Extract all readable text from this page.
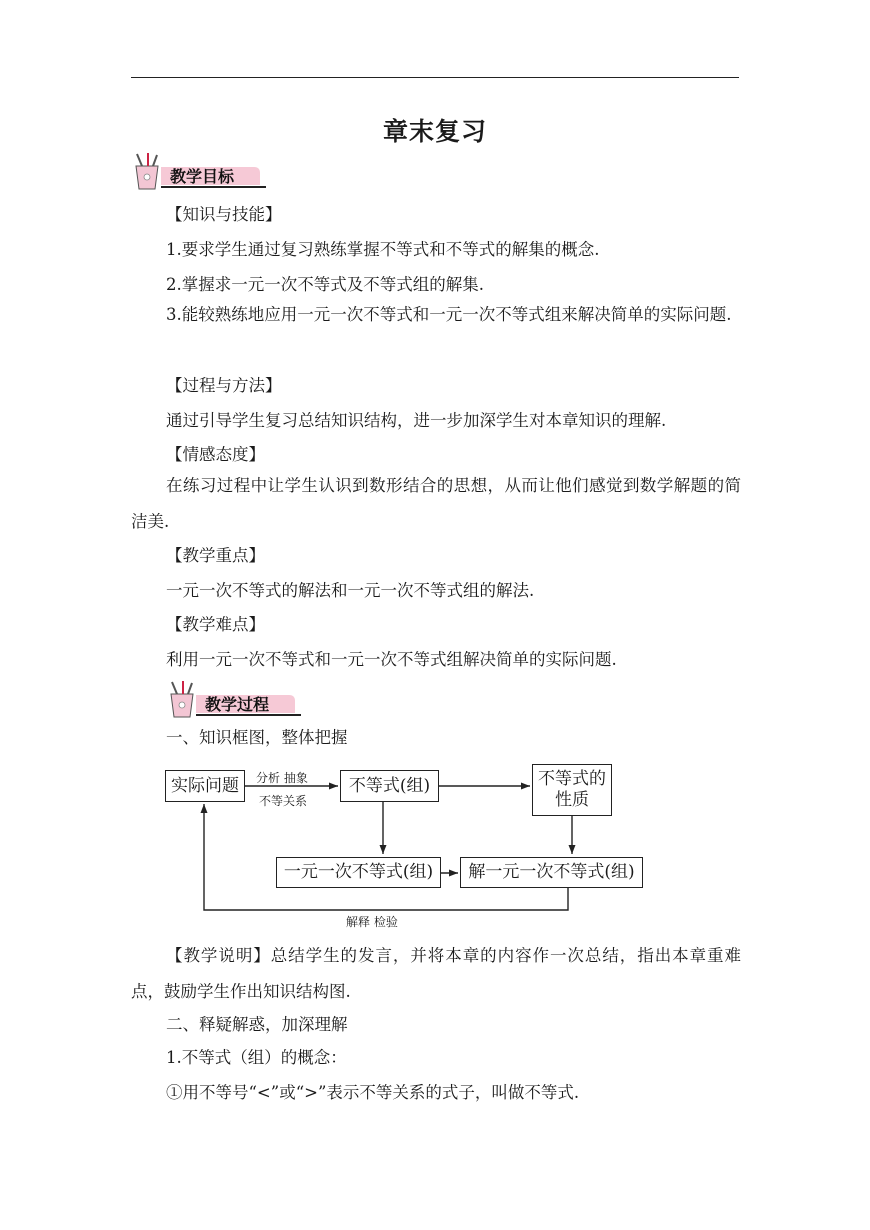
章末复习
教学目标
【知识与技能】
1.要求学生通过复习熟练掌握不等式和不等式的解集的概念.
2.掌握求一元一次不等式及不等式组的解集.
3.能较熟练地应用一元一次不等式和一元一次不等式组来解决简单的实际问题.
【过程与方法】
通过引导学生复习总结知识结构，进一步加深学生对本章知识的理解.
【情感态度】
在练习过程中让学生认识到数形结合的思想，从而让他们感觉到数学解题的简洁美.
【教学重点】
一元一次不等式的解法和一元一次不等式组的解法.
【教学难点】
利用一元一次不等式和一元一次不等式组解决简单的实际问题.
教学过程
一、知识框图，整体把握
实际问题	不等式(组)	不等式的
性质
一元一次不等式(组)	解一元一次不等式(组)
分析 抽象
不等关系
解释 检验
【教学说明】总结学生的发言，并将本章的内容作一次总结，指出本章重难点，鼓励学生作出知识结构图.
二、释疑解惑，加深理解
1.不等式（组）的概念：
①用不等号“<”或“>”表示不等关系的式子，叫做不等式.
